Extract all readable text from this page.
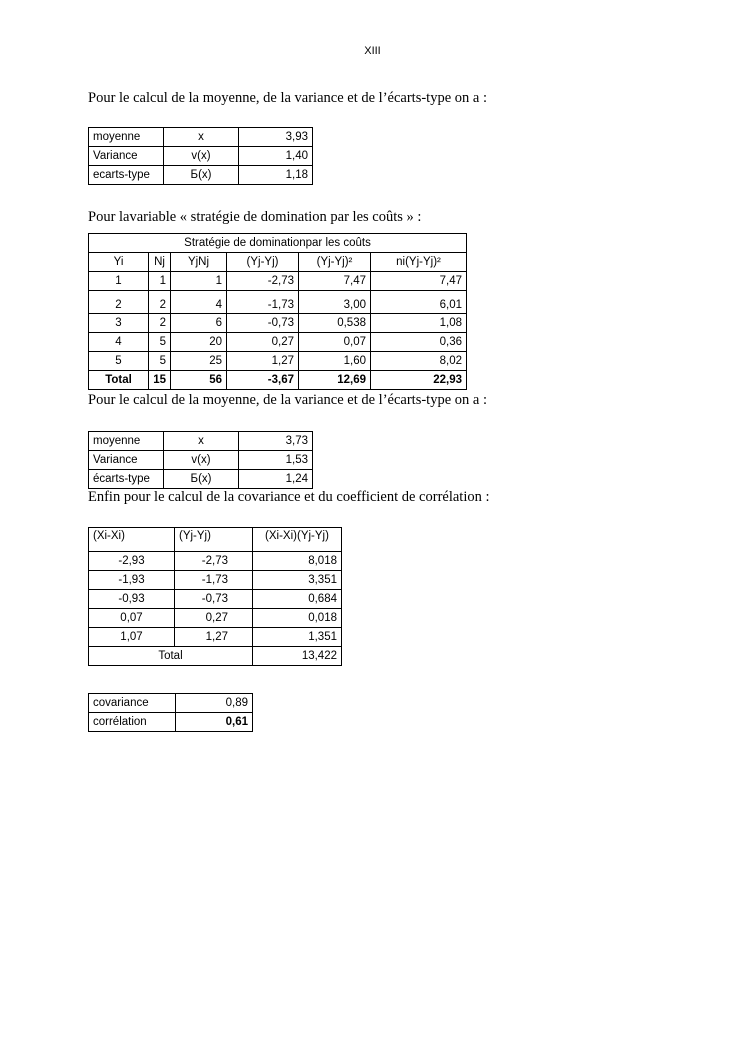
XIII
Pour le calcul de la moyenne, de la variance et de l’écarts-type on a :
moyenne	x	3,93
Variance	v(x)	1,40
ecarts-type	Б(x)	1,18
Pour lavariable « stratégie de domination par les coûts » :
Stratégie de dominationpar les coûts					
Yi	Nj	YjNj	(Yj-Yj)	(Yj-Yj)²	ni(Yj-Yj)²
1	1	1	-2,73	7,47	7,47
2	2	4	-1,73	3,00	6,01
3	2	6	-0,73	0,538	1,08
4	5	20	0,27	0,07	0,36
5	5	25	1,27	1,60	8,02
Total	15	56	-3,67	12,69	22,93
Pour le calcul de la moyenne, de la variance et de l’écarts-type on a :
moyenne	x	3,73
Variance	v(x)	1,53
écarts-type	Б(x)	1,24
Enfin pour le calcul de la covariance et du coefficient de corrélation :
(Xi-Xi)	(Yj-Yj)	(Xi-Xi)(Yj-Yj)
-2,93	-2,73	8,018
-1,93	-1,73	3,351
-0,93	-0,73	0,684
0,07	0,27	0,018
1,07	1,27	1,351
Total		13,422
covariance	0,89
corrélation	0,61
